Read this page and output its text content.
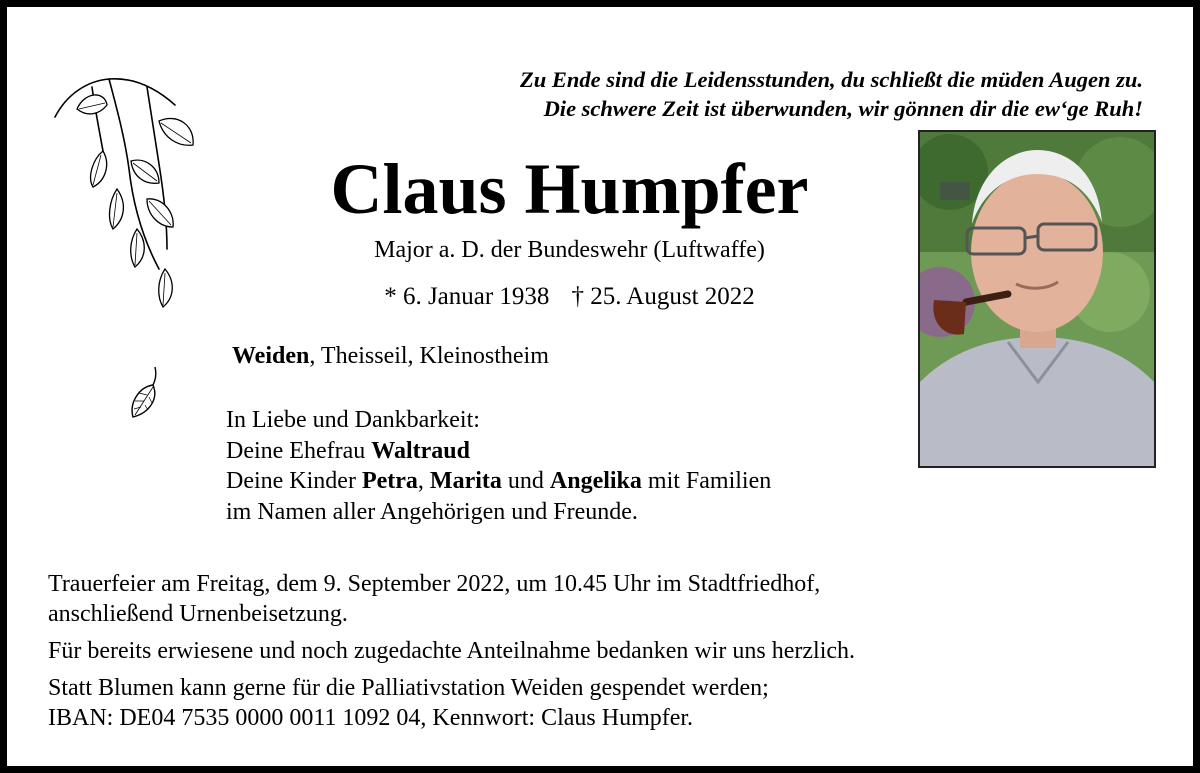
Zu Ende sind die Leidensstunden, du schließt die müden Augen zu.
Die schwere Zeit ist überwunden, wir gönnen dir die ew‘ge Ruh!
Claus Humpfer
Major a. D. der Bundeswehr (Luftwaffe)
* 6. Januar 1938 † 25. August 2022
Weiden, Theisseil, Kleinostheim
In Liebe und Dankbarkeit:
Deine Ehefrau Waltraud
Deine Kinder Petra, Marita und Angelika mit Familien
im Namen aller Angehörigen und Freunde.
Trauerfeier am Freitag, dem 9. September 2022, um 10.45 Uhr im Stadtfriedhof,
anschließend Urnenbeisetzung.
Für bereits erwiesene und noch zugedachte Anteilnahme bedanken wir uns herzlich.
Statt Blumen kann gerne für die Palliativstation Weiden gespendet werden;
IBAN: DE04 7535 0000 0011 1092 04, Kennwort: Claus Humpfer.
